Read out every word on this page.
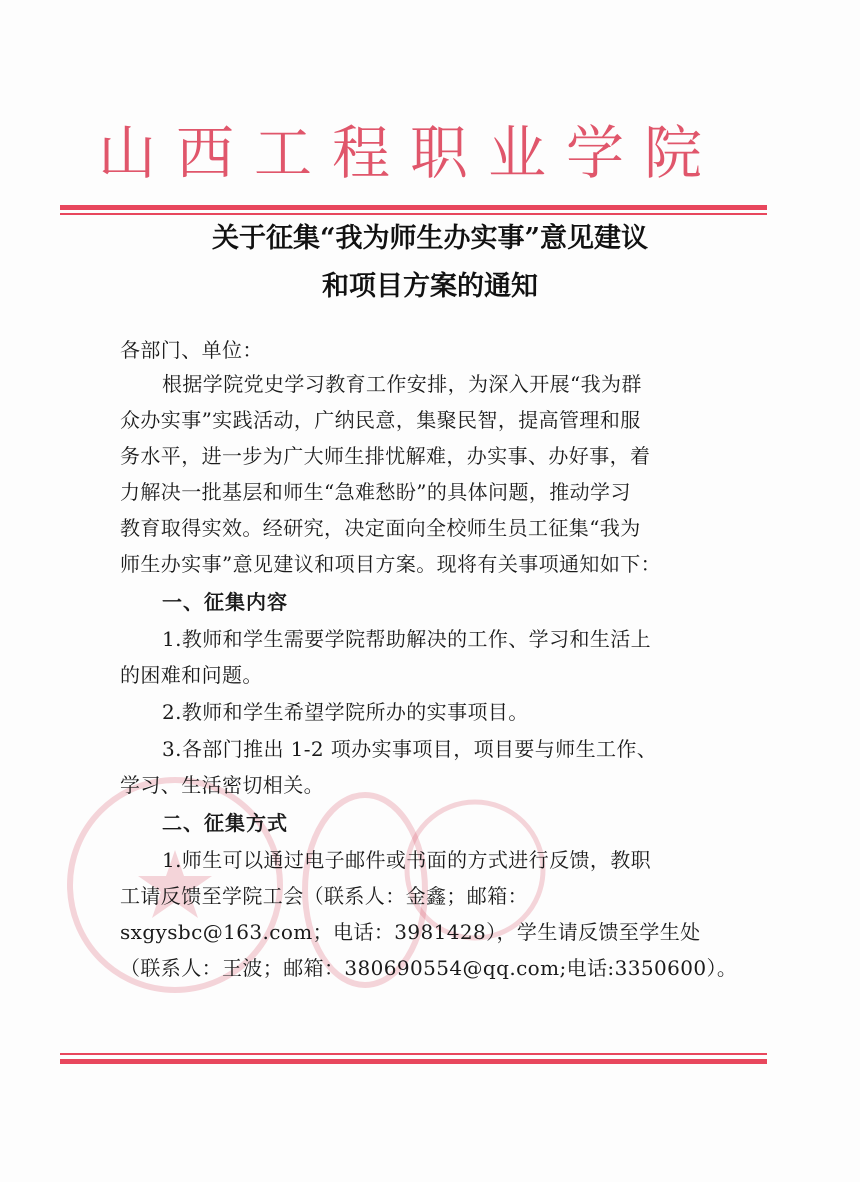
山西工程职业学院
关于征集“我为师生办实事”意见建议
和项目方案的通知
各部门、单位：
根据学院党史学习教育工作安排，为深入开展“我为群
众办实事”实践活动，广纳民意，集聚民智，提高管理和服
务水平，进一步为广大师生排忧解难，办实事、办好事，着
力解决一批基层和师生“急难愁盼”的具体问题，推动学习
教育取得实效。经研究，决定面向全校师生员工征集“我为
师生办实事”意见建议和项目方案。现将有关事项通知如下：
一、征集内容
1.教师和学生需要学院帮助解决的工作、学习和生活上
的困难和问题。
2.教师和学生希望学院所办的实事项目。
3.各部门推出 1-2 项办实事项目，项目要与师生工作、
学习、生活密切相关。
二、征集方式
1.师生可以通过电子邮件或书面的方式进行反馈，教职
工请反馈至学院工会（联系人：金鑫；邮箱：
sxgysbc@163.com；电话：3981428），学生请反馈至学生处
（联系人：王波；邮箱：380690554@qq.com;电话:3350600）。
